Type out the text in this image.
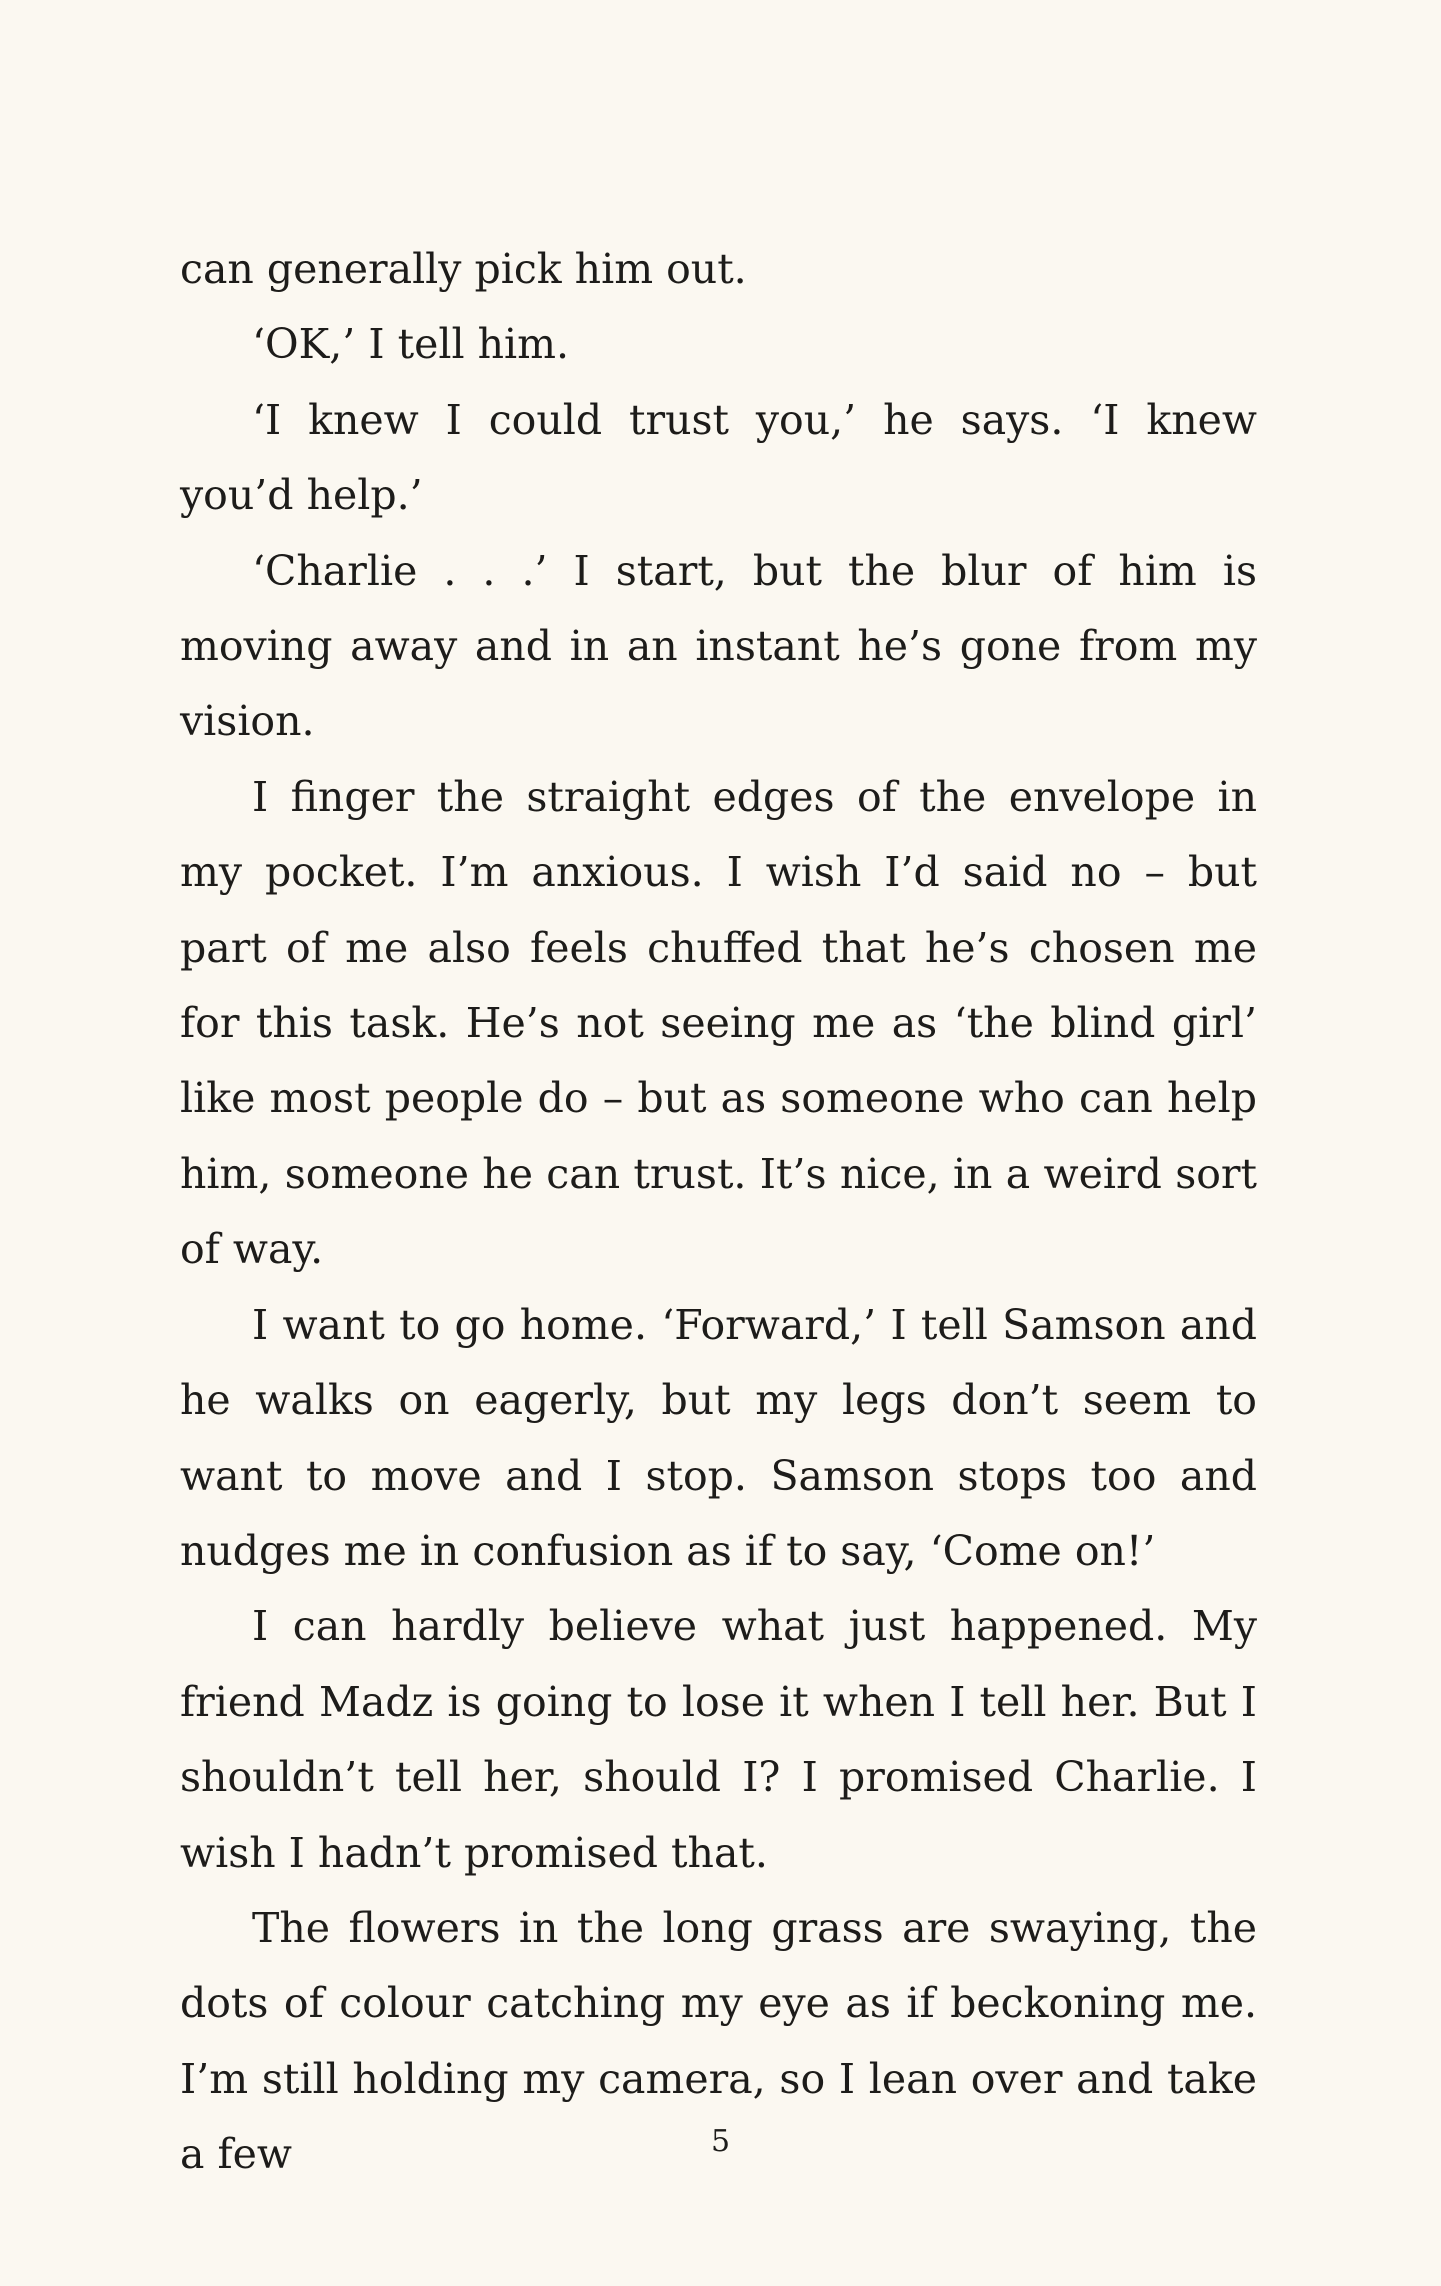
can generally pick him out.

‘OK,’ I tell him.

‘I knew I could trust you,’ he says. ‘I knew you’d help.’

‘Charlie . . .’ I start, but the blur of him is moving away and in an instant he’s gone from my vision.

I finger the straight edges of the envelope in my pocket. I’m anxious. I wish I’d said no – but part of me also feels chuffed that he’s chosen me for this task. He’s not seeing me as ‘the blind girl’ like most people do – but as someone who can help him, someone he can trust. It’s nice, in a weird sort of way.

I want to go home. ‘Forward,’ I tell Samson and he walks on eagerly, but my legs don’t seem to want to move and I stop. Samson stops too and nudges me in confusion as if to say, ‘Come on!’

I can hardly believe what just happened. My friend Madz is going to lose it when I tell her. But I shouldn’t tell her, should I? I promised Charlie. I wish I hadn’t promised that.

The flowers in the long grass are swaying, the dots of colour catching my eye as if beckoning me. I’m still holding my camera, so I lean over and take a few	5
